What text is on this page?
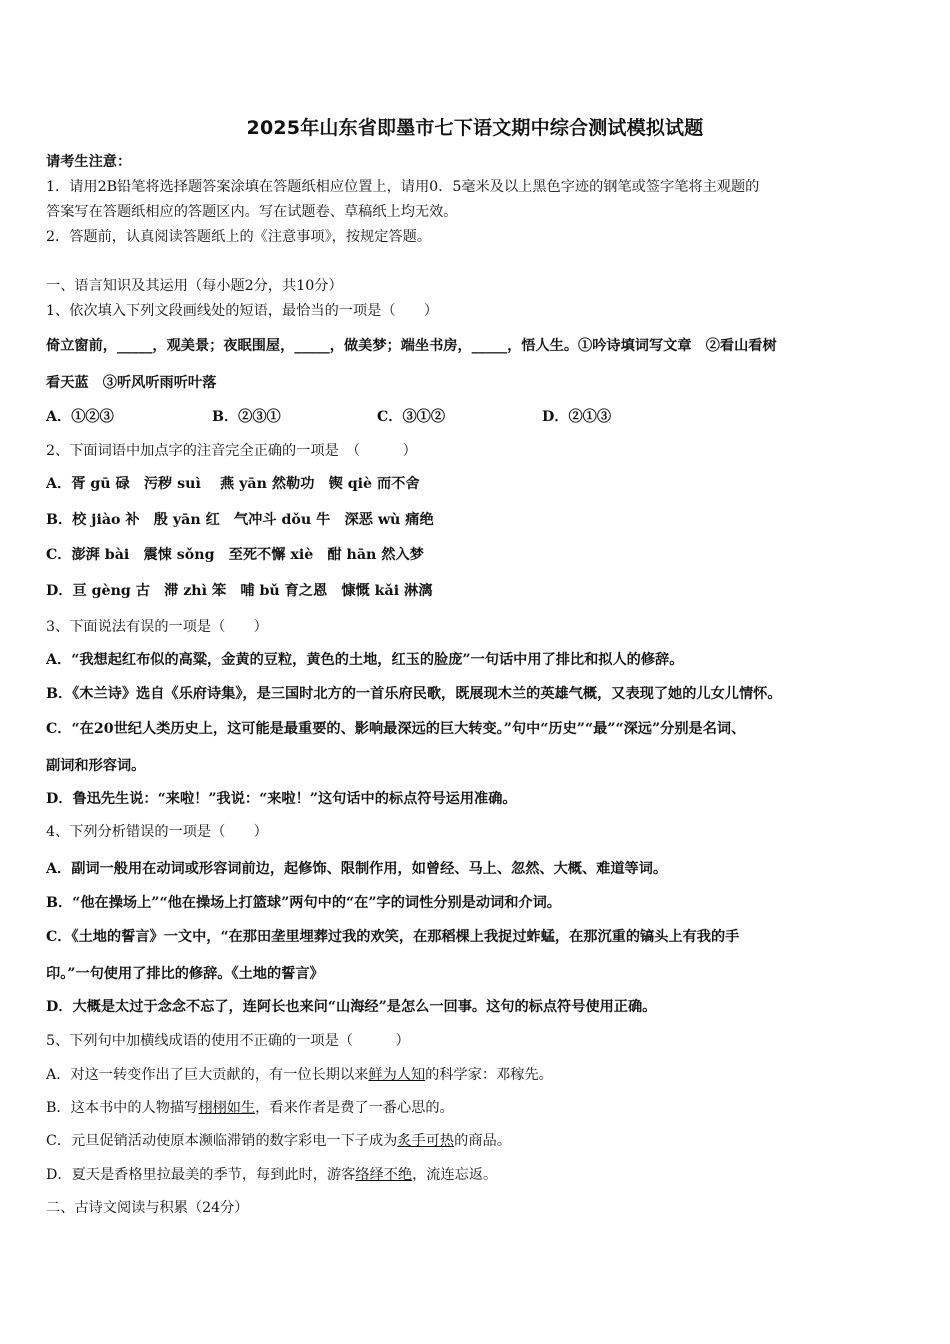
2025年山东省即墨市七下语文期中综合测试模拟试题
请考生注意：
1．请用2B铅笔将选择题答案涂填在答题纸相应位置上，请用0．5毫米及以上黑色字迹的钢笔或签字笔将主观题的
答案写在答题纸相应的答题区内。写在试题卷、草稿纸上均无效。
2．答题前，认真阅读答题纸上的《注意事项》，按规定答题。
一、语言知识及其运用（每小题2分，共10分）
1、依次填入下列文段画线处的短语，最恰当的一项是（　　）
倚立窗前，_____，观美景；夜眠围屋，_____，做美梦；端坐书房，_____，悟人生。①吟诗填词写文章　②看山看树
看天蓝　③听风听雨听叶落
A．①②③	B．②③①	C．③①②	D．②①③
2、下面词语中加点字的注音完全正确的一项是　（　　　）
A．胥 gū 碌　污秽 suì　 燕 yān 然勒功　锲 qiè 而不舍
B．校 jiào 补　殷 yān 红　气冲斗 dǒu 牛　深恶 wù 痛绝
C．澎湃 bài　震悚 sǒng　至死不懈 xiè　酣 hān 然入梦
D．亘 gèng 古　滞 zhì 笨　哺 bǔ 育之恩　慷慨 kǎi 淋漓
3、下面说法有误的一项是（　　）
A．“我想起红布似的高粱，金黄的豆粒，黄色的土地，红玉的脸庞”一句话中用了排比和拟人的修辞。
B．《木兰诗》选自《乐府诗集》，是三国时北方的一首乐府民歌，既展现木兰的英雄气概，又表现了她的儿女儿情怀。
C．“在20世纪人类历史上，这可能是最重要的、影响最深远的巨大转变。”句中“历史”“最”“深远”分别是名词、
副词和形容词。
D．鲁迅先生说：“来啦！”我说：“来啦！”这句话中的标点符号运用准确。
4、下列分析错误的一项是（　　）
A．副词一般用在动词或形容词前边，起修饰、限制作用，如曾经、马上、忽然、大概、难道等词。
B．“他在操场上”“他在操场上打篮球”两句中的“在”字的词性分别是动词和介词。
C．《土地的誓言》一文中，“在那田垄里埋葬过我的欢笑，在那稻棵上我捉过蚱蜢，在那沉重的镐头上有我的手
印。”一句使用了排比的修辞。《土地的誓言》
D．大概是太过于念念不忘了，连阿长也来问“山海经”是怎么一回事。这句的标点符号使用正确。
5、下列句中加横线成语的使用不正确的一项是（　　　）
A．对这一转变作出了巨大贡献的，有一位长期以来鲜为人知的科学家：邓稼先。
B．这本书中的人物描写栩栩如生，看来作者是费了一番心思的。
C．元旦促销活动使原本濒临滞销的数字彩电一下子成为炙手可热的商品。
D．夏天是香格里拉最美的季节，每到此时，游客络绎不绝，流连忘返。
二、古诗文阅读与积累（24分）
